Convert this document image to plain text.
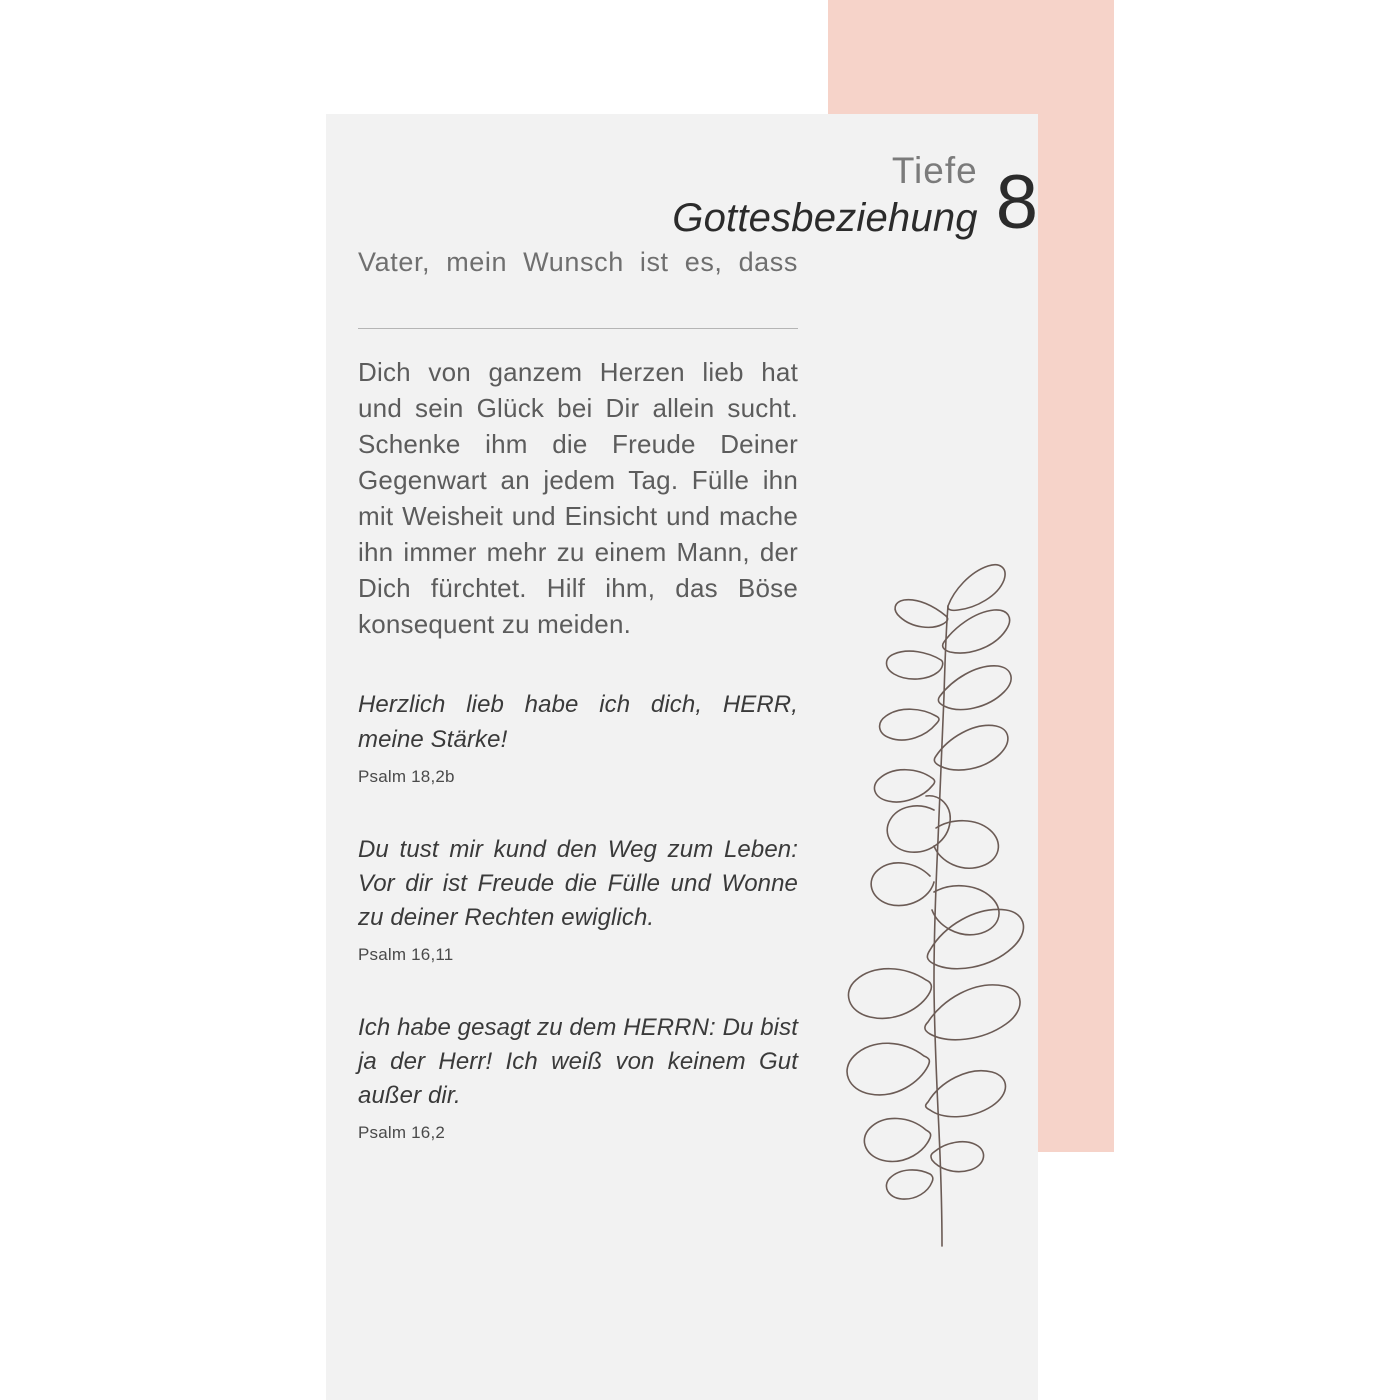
Tiefe
Gottesbeziehung 8
Vater, mein Wunsch ist es, dass
Dich von ganzem Herzen lieb hat und sein Glück bei Dir allein sucht. Schenke ihm die Freude Deiner Gegenwart an jedem Tag. Fülle ihn mit Weisheit und Einsicht und mache ihn immer mehr zu einem Mann, der Dich fürchtet. Hilf ihm, das Böse konsequent zu meiden.
Herzlich lieb habe ich dich, HERR, meine Stärke!
Psalm 18,2b
Du tust mir kund den Weg zum Leben: Vor dir ist Freude die Fülle und Wonne zu deiner Rechten ewiglich.
Psalm 16,11
Ich habe gesagt zu dem HERRN: Du bist ja der Herr! Ich weiß von keinem Gut außer dir.
Psalm 16,2
